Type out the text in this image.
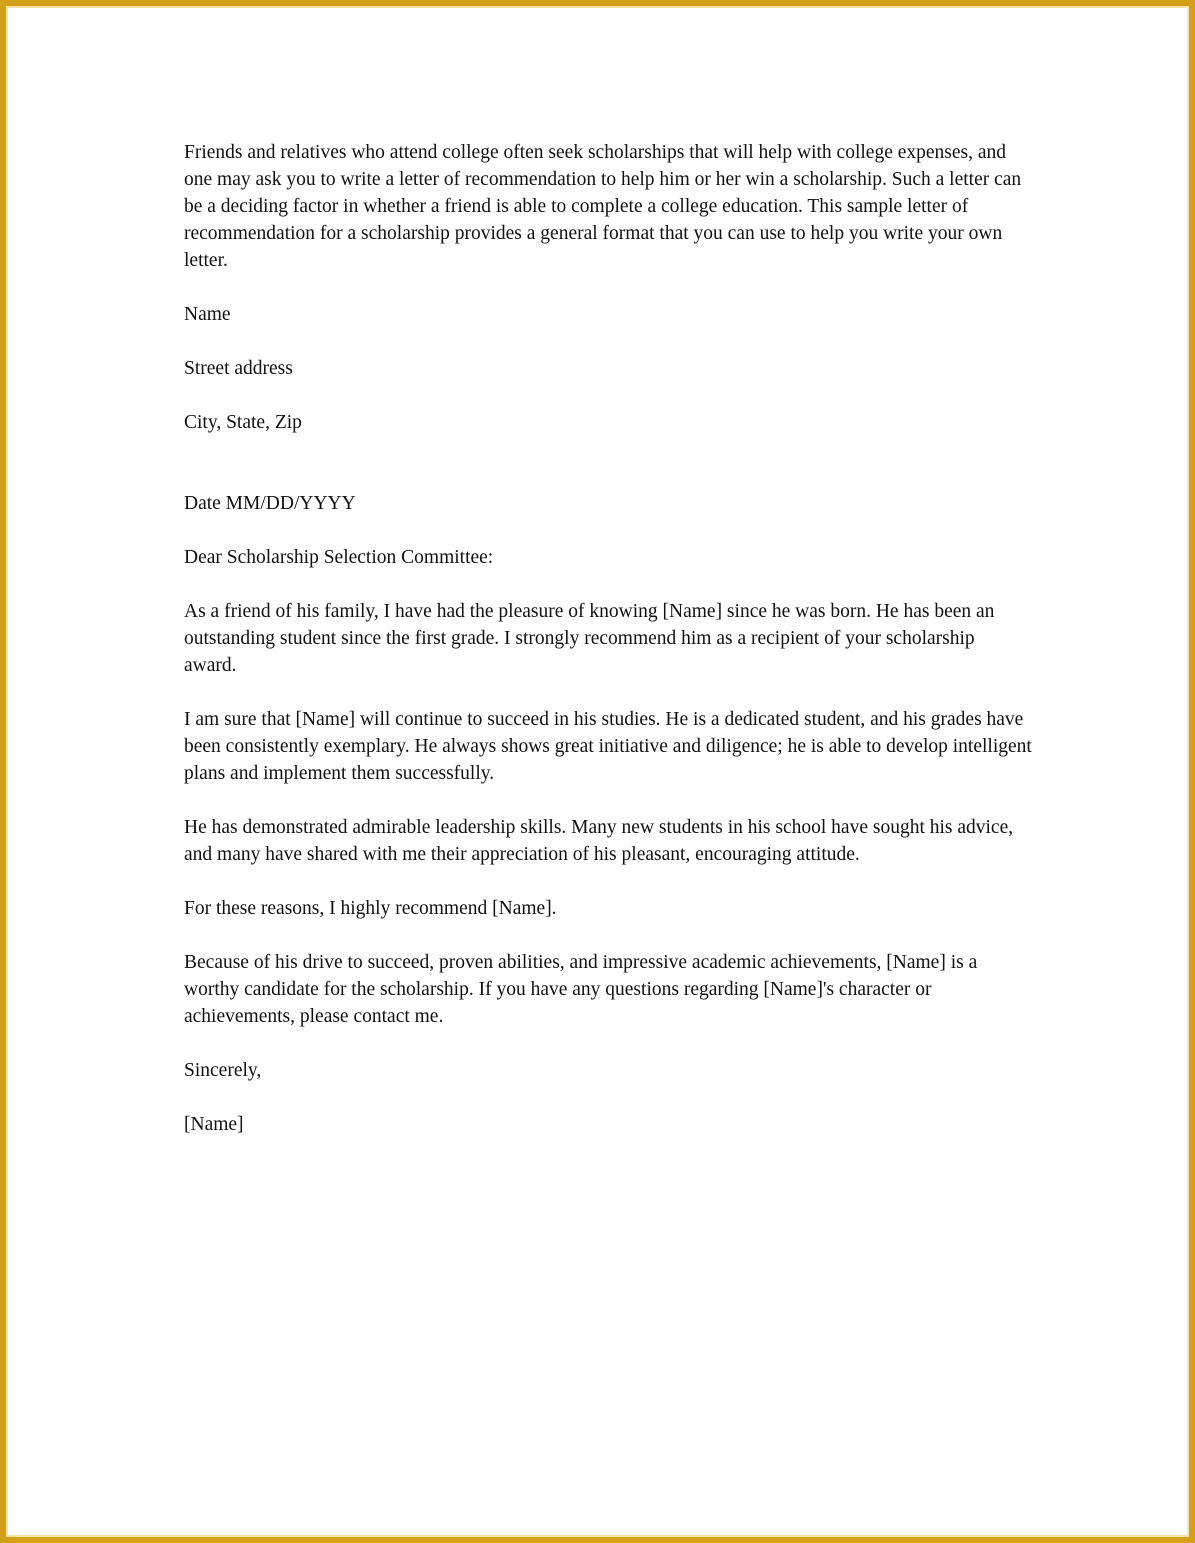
Friends and relatives who attend college often seek scholarships that will help with college expenses, and one may ask you to write a letter of recommendation to help him or her win a scholarship. Such a letter can be a deciding factor in whether a friend is able to complete a college education. This sample letter of recommendation for a scholarship provides a general format that you can use to help you write your own letter.

Name

Street address

City, State, Zip

Date MM/DD/YYYY

Dear Scholarship Selection Committee:

As a friend of his family, I have had the pleasure of knowing [Name] since he was born. He has been an outstanding student since the first grade. I strongly recommend him as a recipient of your scholarship award.

I am sure that [Name] will continue to succeed in his studies. He is a dedicated student, and his grades have been consistently exemplary. He always shows great initiative and diligence; he is able to develop intelligent plans and implement them successfully.

He has demonstrated admirable leadership skills. Many new students in his school have sought his advice, and many have shared with me their appreciation of his pleasant, encouraging attitude.

For these reasons, I highly recommend [Name].

Because of his drive to succeed, proven abilities, and impressive academic achievements, [Name] is a worthy candidate for the scholarship. If you have any questions regarding [Name]'s character or achievements, please contact me.

Sincerely,

[Name]
